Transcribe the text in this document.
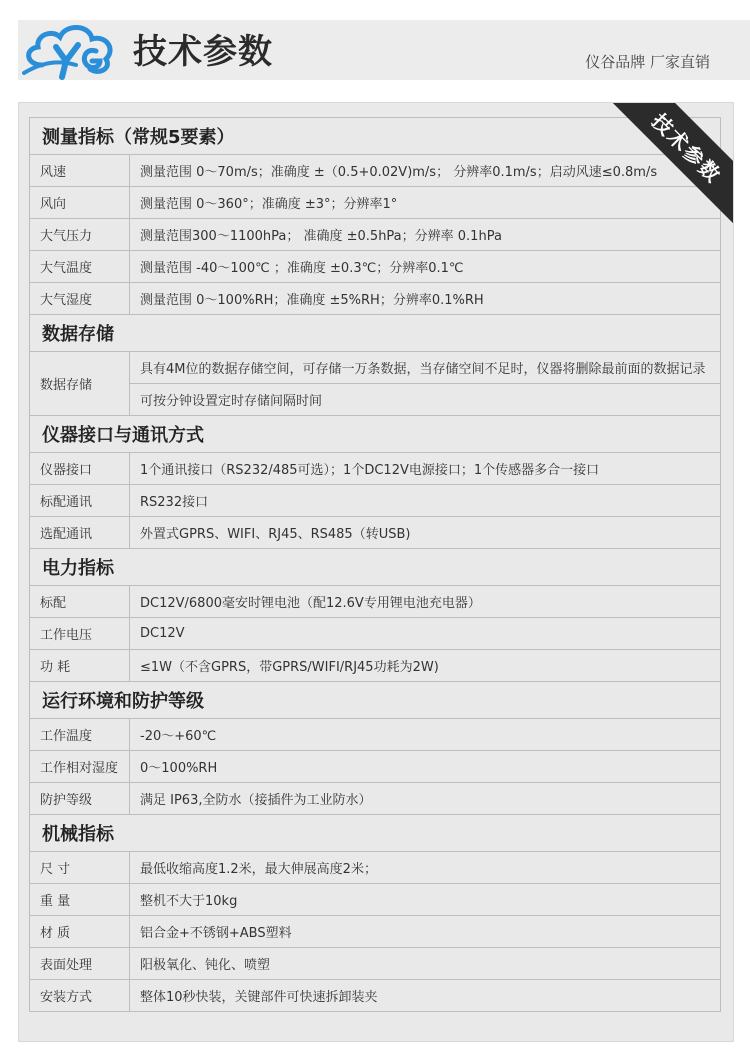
技术参数	仪谷品牌 厂家直销
测量指标（常规5要素）	
风速	测量范围 0～70m/s；准确度 ±（0.5+0.02V)m/s； 分辨率0.1m/s；启动风速≤0.8m/s
风向	测量范围 0～360°；准确度 ±3°；分辨率1°
大气压力	测量范围300～1100hPa； 准确度 ±0.5hPa；分辨率 0.1hPa
大气温度	测量范围 -40～100℃ ；准确度 ±0.3℃；分辨率0.1℃
大气湿度	测量范围 0～100%RH；准确度 ±5%RH；分辨率0.1%RH
数据存储	
数据存储	具有4M位的数据存储空间，可存储一万条数据，当存储空间不足时，仪器将删除最前面的数据记录
	可按分钟设置定时存储间隔时间
仪器接口与通讯方式	
仪器接口	1个通讯接口（RS232/485可选）；1个DC12V电源接口；1个传感器多合一接口
标配通讯	RS232接口
选配通讯	外置式GPRS、WIFI、RJ45、RS485（转USB)
电力指标	
标配	DC12V/6800毫安时锂电池（配12.6V专用锂电池充电器）
工作电压	DC12V
功 耗	≤1W（不含GPRS，带GPRS/WIFI/RJ45功耗为2W)
运行环境和防护等级	
工作温度	-20～+60℃
工作相对湿度	0～100%RH
防护等级	满足 IP63,全防水（接插件为工业防水）
机械指标	
尺 寸	最低收缩高度1.2米，最大伸展高度2米；
重 量	整机不大于10kg
材 质	铝合金+不锈钢+ABS塑料
表面处理	阳极氧化、钝化、喷塑
安装方式	整体10秒快装，关键部件可快速拆卸装夹
技术参数
